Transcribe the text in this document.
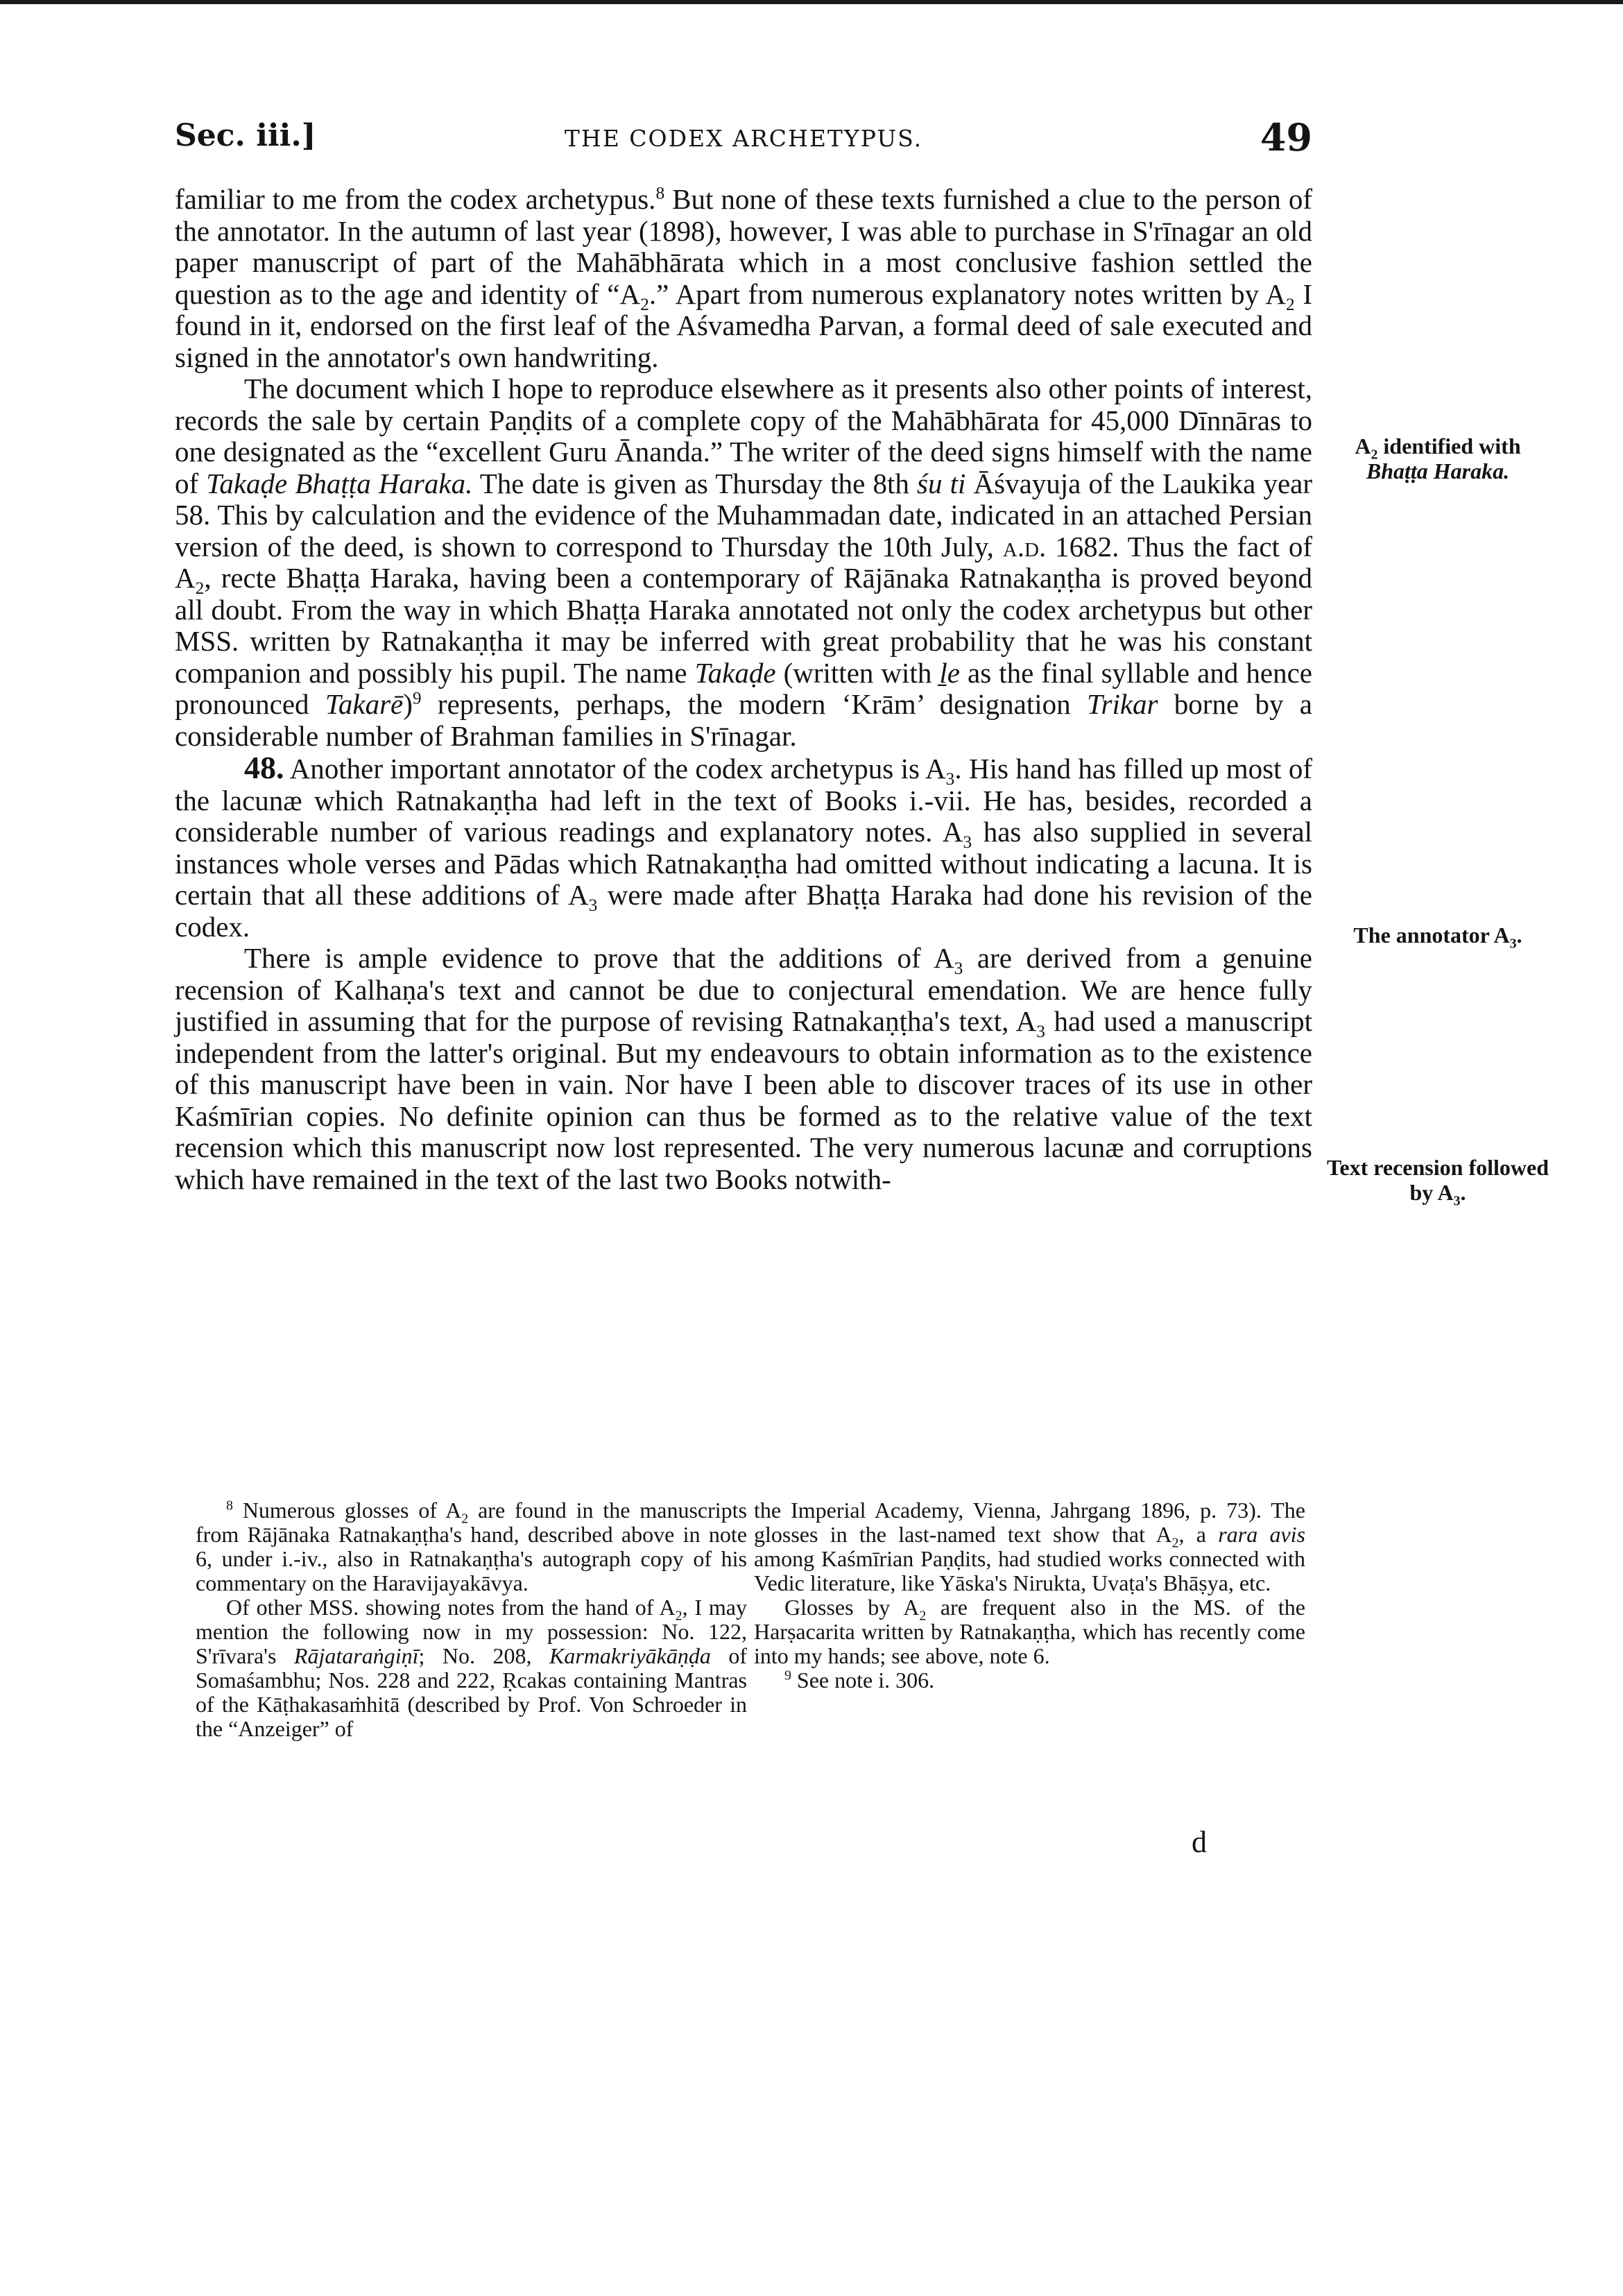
Sec. iii.]	THE CODEX ARCHETYPUS.	49

familiar to me from the codex archetypus.$^8$ But none of these texts furnished a clue to the person of the annotator. In the autumn of last year (1898), however, I was able to purchase in S'rīnagar an old paper manuscript of part of the Mahābhārata which in a most conclusive fashion settled the question as to the age and identity of “$A_2$.” Apart from numerous explanatory notes written by $A_2$ I found in it, endorsed on the first leaf of the Aśvamedha Parvan, a formal deed of sale executed and signed in the annotator's own handwriting.

The document which I hope to reproduce elsewhere as it presents also other points of interest, records the sale by certain Paṇḍits of a complete copy of the Mahābhārata for 45,000 Dīnnāras to one designated as the “excellent Guru Ānanda.” The writer of the deed signs himself with the name of Takaḍe Bhaṭṭa Haraka. The date is given as Thursday the 8th śu ti Āśvayuja of the Laukika year 58. This by calculation and the evidence of the Muhammadan date, indicated in an attached Persian version of the deed, is shown to correspond to Thursday the 10th July, a.d. 1682. Thus the fact of $A_2$, recte Bhaṭṭa Haraka, having been a contemporary of Rājānaka Ratnakaṇṭha is proved beyond all doubt. From the way in which Bhaṭṭa Haraka annotated not only the codex archetypus but other MSS. written by Ratnakaṇṭha it may be inferred with great probability that he was his constant companion and possibly his pupil. The name Takaḍe (written with ḻe as the final syllable and hence pronounced Takarē)$^9$ represents, perhaps, the modern ‘Krām’ designation Trikar borne by a considerable number of Brahman families in S'rīnagar.

48. Another important annotator of the codex archetypus is $A_3$. His hand has filled up most of the lacunæ which Ratnakaṇṭha had left in the text of Books i.-vii. He has, besides, recorded a considerable number of various readings and explanatory notes. $A_3$ has also supplied in several instances whole verses and Pādas which Ratnakaṇṭha had omitted without indicating a lacuna. It is certain that all these additions of $A_3$ were made after Bhaṭṭa Haraka had done his revision of the codex.

There is ample evidence to prove that the additions of $A_3$ are derived from a genuine recension of Kalhaṇa's text and cannot be due to conjectural emendation. We are hence fully justified in assuming that for the purpose of revising Ratnakaṇṭha's text, $A_3$ had used a manuscript independent from the latter's original. But my endeavours to obtain information as to the existence of this manuscript have been in vain. Nor have I been able to discover traces of its use in other Kaśmīrian copies. No definite opinion can thus be formed as to the relative value of the text recension which this manuscript now lost represented. The very numerous lacunæ and corruptions which have remained in the text of the last two Books notwith-

$A_2$ identified with Bhaṭṭa Haraka.
The annotator $A_3$.
Text recension followed by $A_3$.

$^8$ Numerous glosses of $A_2$ are found in the manuscripts from Rājānaka Ratnakaṇṭha's hand, described above in note 6, under i.-iv., also in Ratnakaṇṭha's autograph copy of his commentary on the Haravijayakāvya.

Of other MSS. showing notes from the hand of $A_2$, I may mention the following now in my possession: No. 122, S'rīvara's Rājataraṅgiṇī; No. 208, Karmakriyākāṇḍa of Somaśambhu; Nos. 228 and 222, Ṛcakas containing Mantras of the Kāṭhakasaṁhitā (described by Prof. Von Schroeder in the “Anzeiger” of

the Imperial Academy, Vienna, Jahrgang 1896, p. 73). The glosses in the last-named text show that $A_2$, a rara avis among Kaśmīrian Paṇḍits, had studied works connected with Vedic literature, like Yāska's Nirukta, Uvaṭa's Bhāṣya, etc.

Glosses by $A_2$ are frequent also in the MS. of the Harṣacarita written by Ratnakaṇṭha, which has recently come into my hands; see above, note 6.

$^9$ See note i. 306.

d
